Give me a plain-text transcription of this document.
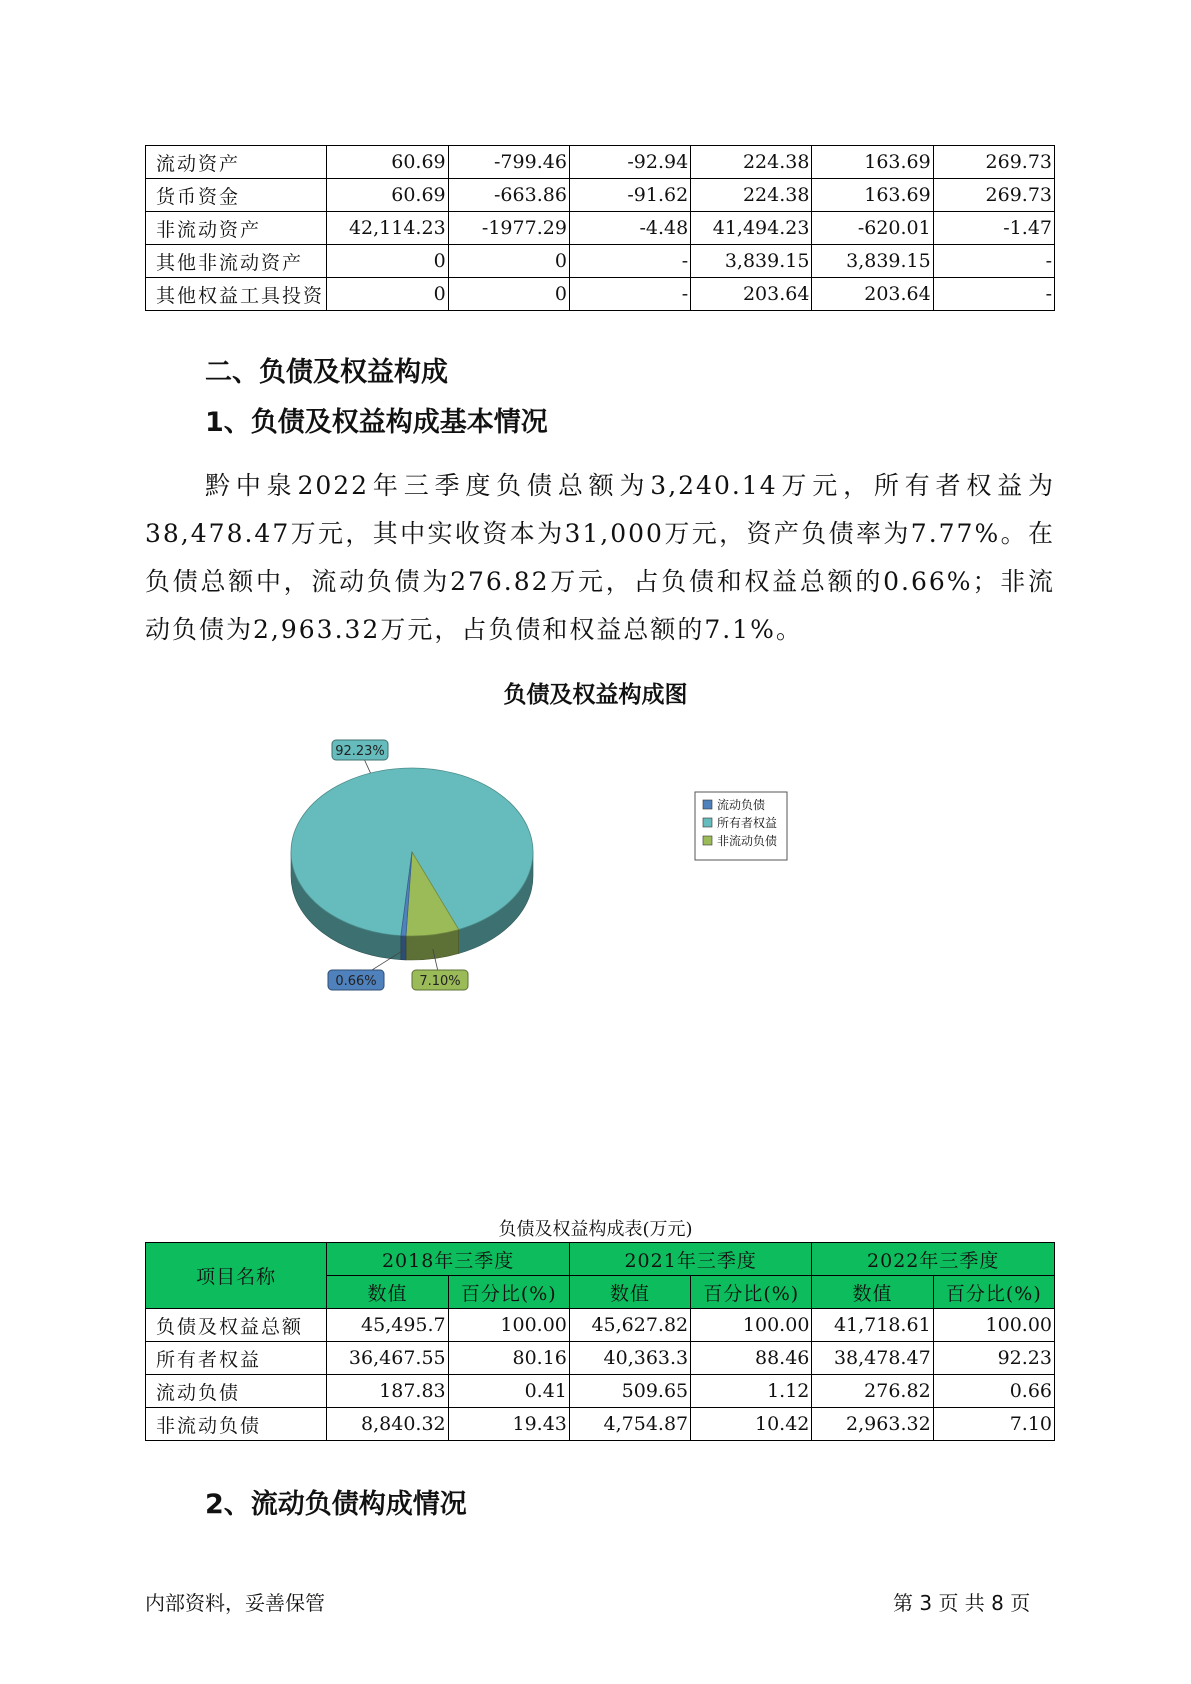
流动资产	60.69	-799.46	-92.94	224.38	163.69	269.73
货币资金	60.69	-663.86	-91.62	224.38	163.69	269.73
非流动资产	42,114.23	-1977.29	-4.48	41,494.23	-620.01	-1.47
其他非流动资产	0	0	-	3,839.15	3,839.15	-
其他权益工具投资	0	0	-	203.64	203.64	-
二、负债及权益构成
1、负债及权益构成基本情况

黔中泉2022年三季度负债总额为3,240.14万元，所有者权益为38,478.47万元，其中实收资本为31,000万元，资产负债率为7.77%。在负债总额中，流动负债为276.82万元，占负债和权益总额的0.66%；非流动负债为2,963.32万元，占负债和权益总额的7.1%。

负债及权益构成图
92.23%
0.66%	7.10%
流动负债
所有者权益
非流动负债

负债及权益构成表(万元)

项目名称	2018年三季度		2021年三季度		2022年三季度	
	数值	百分比(%)	数值	百分比(%)	数值	百分比(%)
负债及权益总额	45,495.7	100.00	45,627.82	100.00	41,718.61	100.00
所有者权益	36,467.55	80.16	40,363.3	88.46	38,478.47	92.23
流动负债	187.83	0.41	509.65	1.12	276.82	0.66
非流动负债	8,840.32	19.43	4,754.87	10.42	2,963.32	7.10
2、流动负债构成情况
内部资料，妥善保管	第 3 页 共 8 页
